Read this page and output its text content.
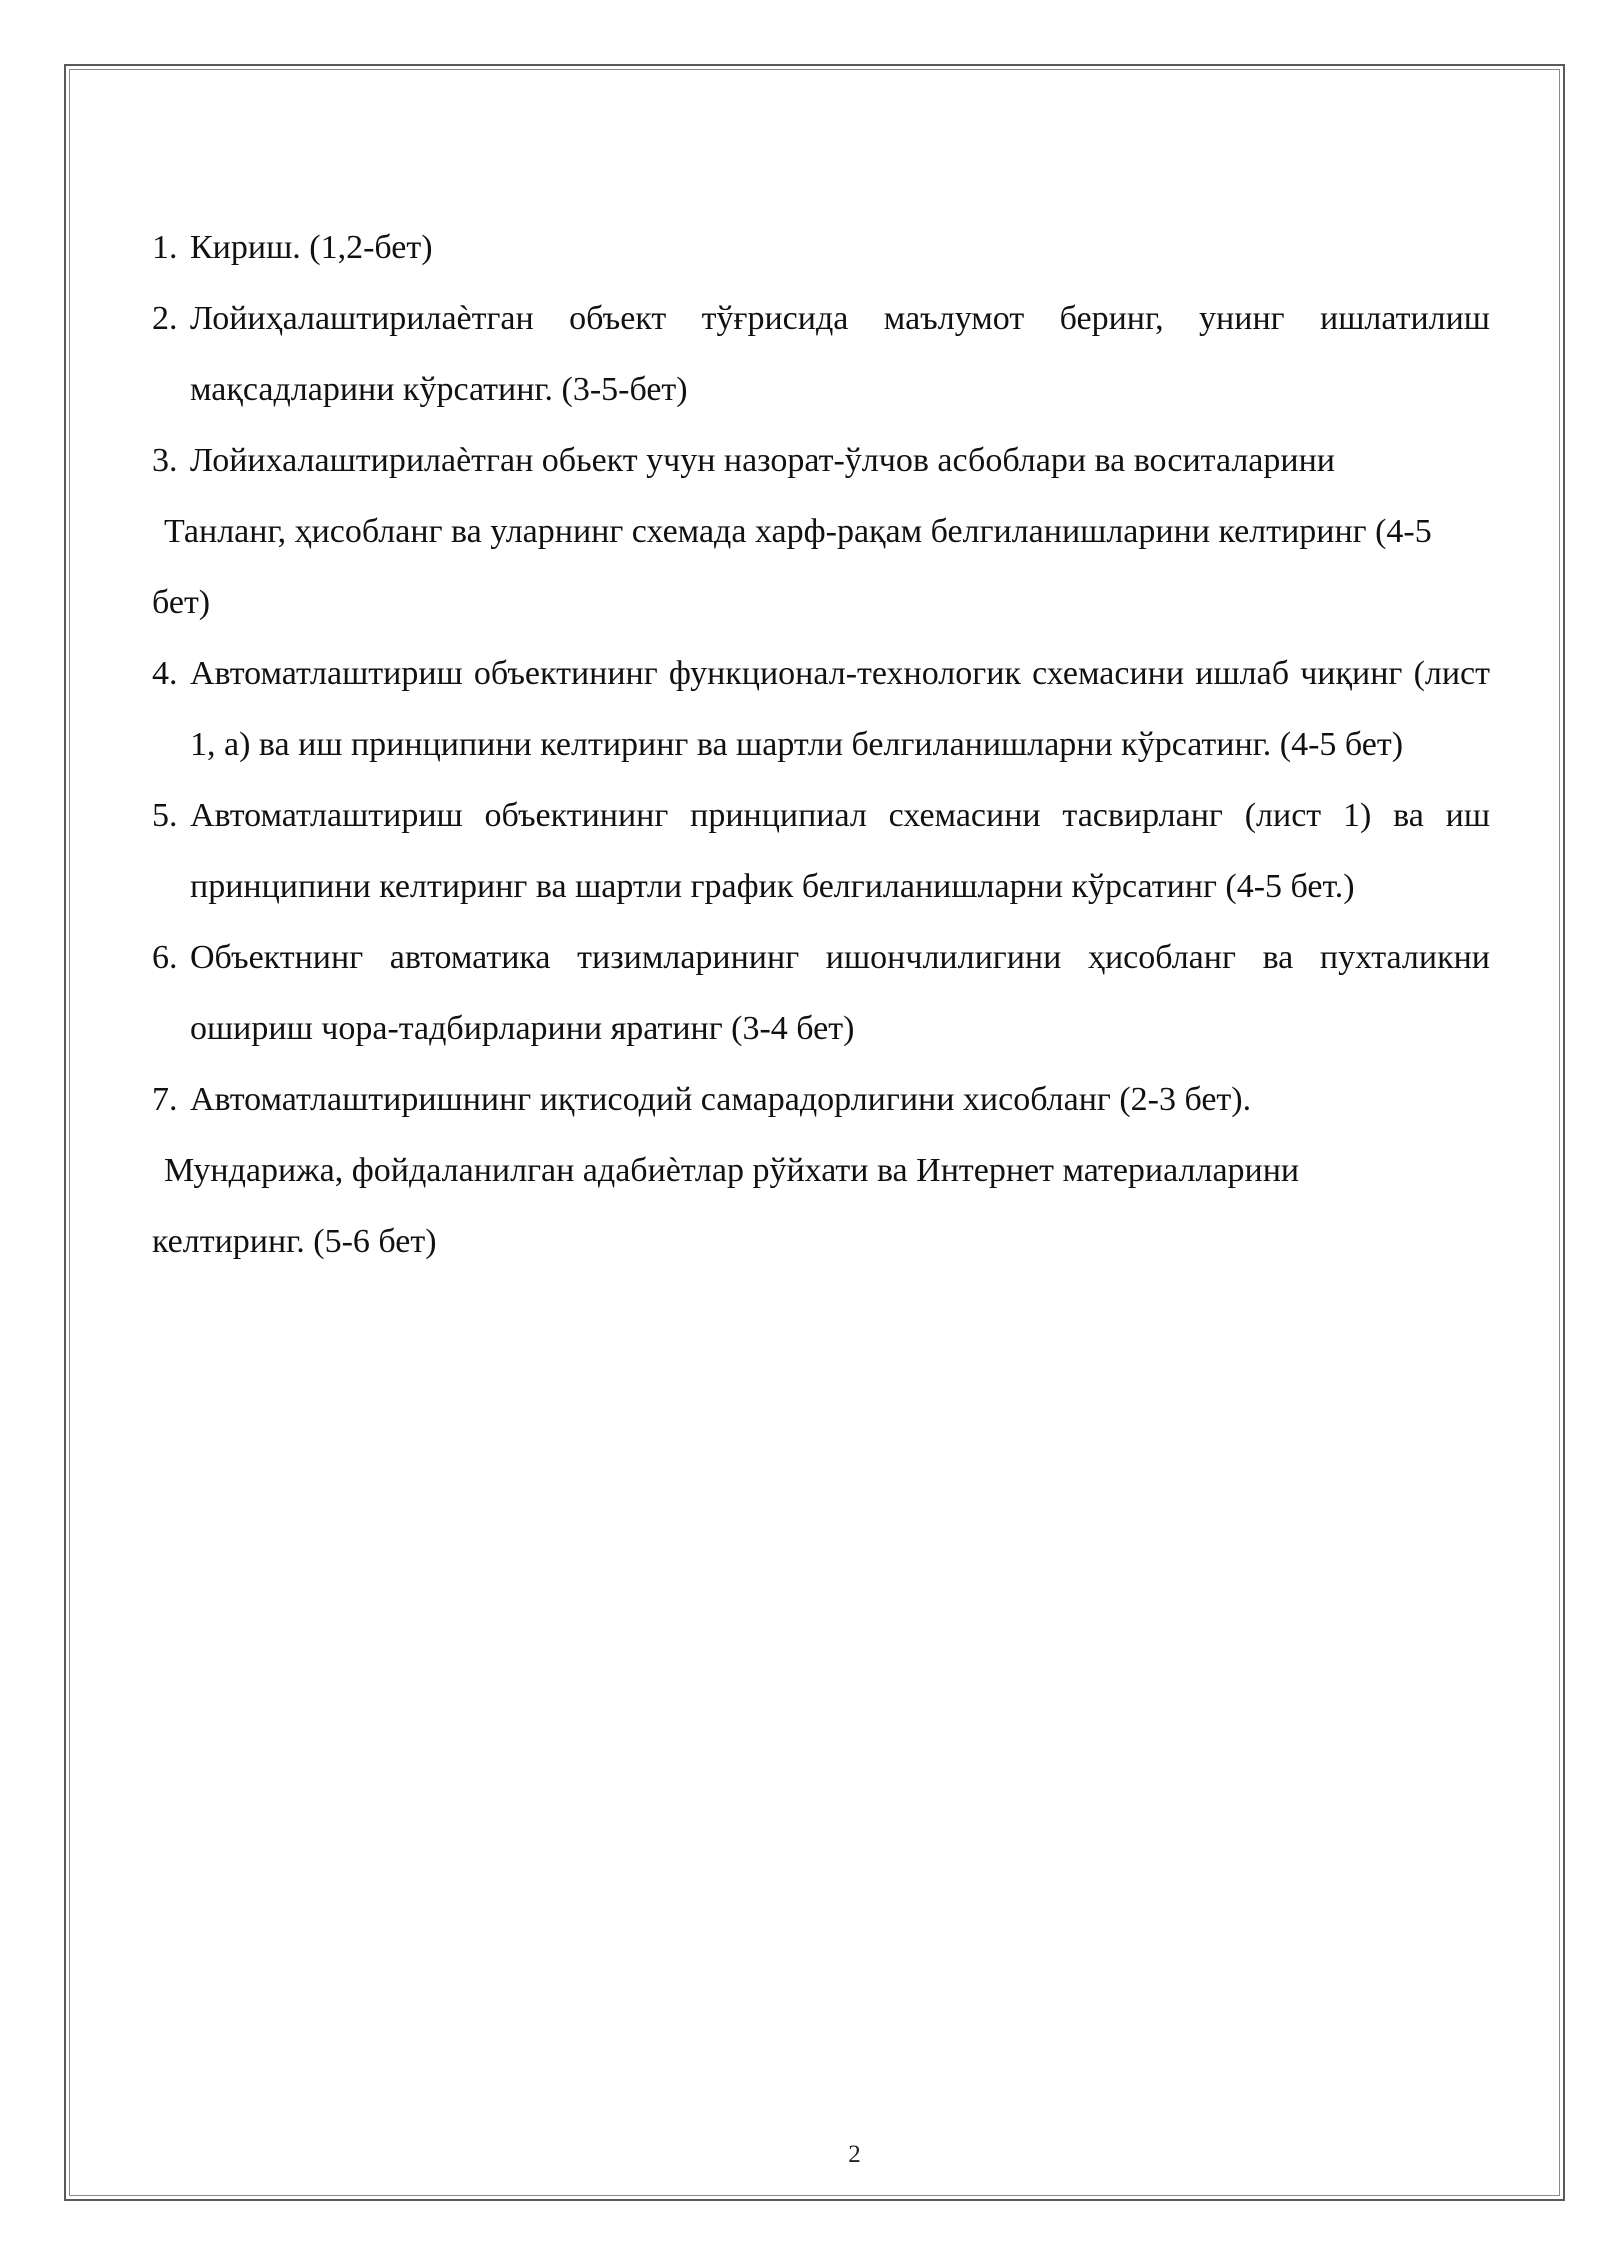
1. Кириш. (1,2-бет)
2. Лойиҳалаштирилаѐтган объект тўғрисида маълумот беринг, унинг ишлатилиш мақсадларини кўрсатинг. (3-5-бет)
3. Лойихалаштирилаѐтган обьект учун назорат-ўлчов асбоблари ва воситаларини
Танланг, ҳисобланг ва уларнинг схемада харф-рақам белгиланишларини келтиринг (4-5
бет)
4. Автоматлаштириш объектининг функционал-технологик схемасини ишлаб чиқинг (лист 1, а) ва иш принципини келтиринг ва шартли белгиланишларни кўрсатинг. (4-5 бет)
5. Автоматлаштириш объектининг принципиал схемасини тасвирланг (лист 1) ва иш принципини келтиринг ва шартли график белгиланишларни кўрсатинг (4-5 бет.)
6. Объектнинг автоматика тизимларининг ишончлилигини ҳисобланг ва пухталикни ошириш чора-тадбирларини яратинг (3-4 бет)
7. Автоматлаштиришнинг иқтисодий самарадорлигини хисобланг (2-3 бет).
Мундарижа, фойдаланилган адабиѐтлар рўйхати ва Интернет материалларини
келтиринг. (5-6 бет)
2
